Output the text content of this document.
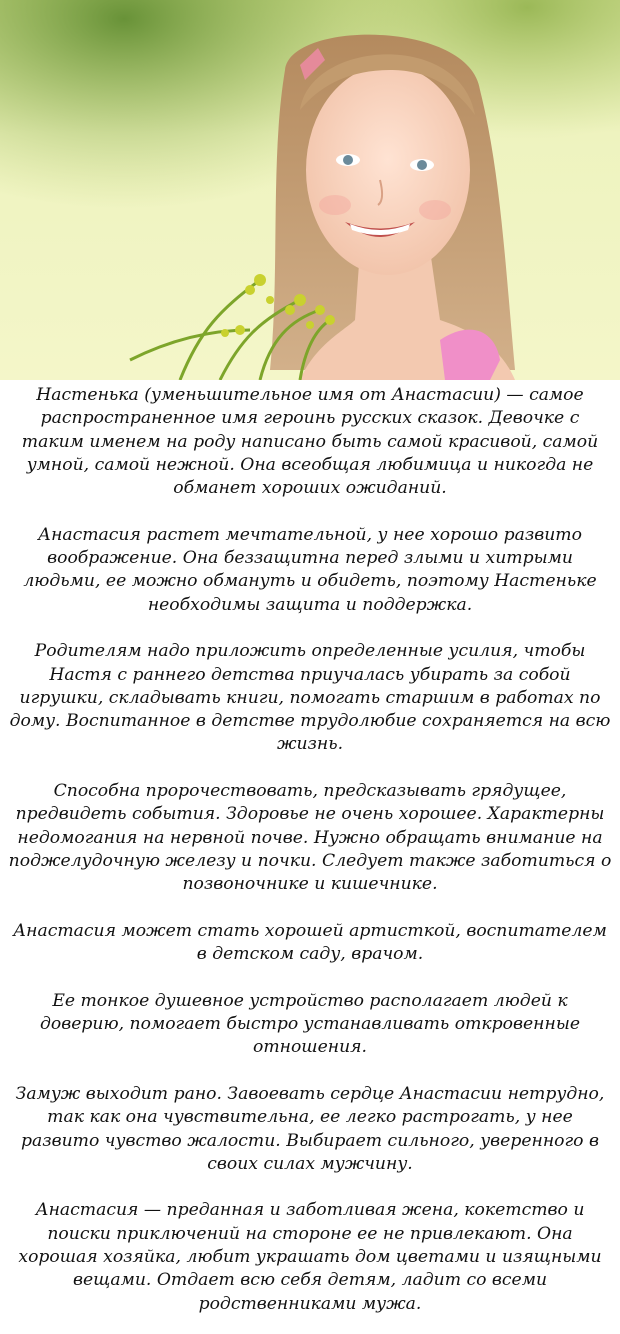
Настенька (уменьшительное имя от Анастасии) — самое распространенное имя героинь русских сказок. Девочке с таким именем на роду написано быть самой красивой, самой умной, самой нежной. Она всеобщая любимица и никогда не обманет хороших ожиданий.

Анастасия растет мечтательной, у нее хорошо развито воображение. Она беззащитна перед злыми и хитрыми людьми, ее можно обмануть и обидеть, поэтому Настеньке необходимы защита и поддержка.

Родителям надо приложить определенные усилия, чтобы Настя с раннего детства приучалась убирать за собой игрушки, складывать книги, помогать старшим в работах по дому. Воспитанное в детстве трудолюбие сохраняется на всю жизнь.

Способна пророчествовать, предсказывать грядущее, предвидеть события. Здоровье не очень хорошее. Характерны недомогания на нервной почве. Нужно обращать внимание на поджелудочную железу и почки. Следует также заботиться о позвоночнике и кишечнике.

Анастасия может стать хорошей артисткой, воспитателем в детском саду, врачом.

Ее тонкое душевное устройство располагает людей к доверию, помогает быстро устанавливать откровенные отношения.

Замуж выходит рано. Завоевать сердце Анастасии нетрудно, так как она чувствительна, ее легко растрогать, у нее развито чувство жалости. Выбирает сильного, уверенного в своих силах мужчину.

Анастасия — преданная и заботливая жена, кокетство и поиски приключений на стороне ее не привлекают. Она хорошая хозяйка, любит украшать дом цветами и изящными вещами. Отдает всю себя детям, ладит со всеми родственниками мужа.
